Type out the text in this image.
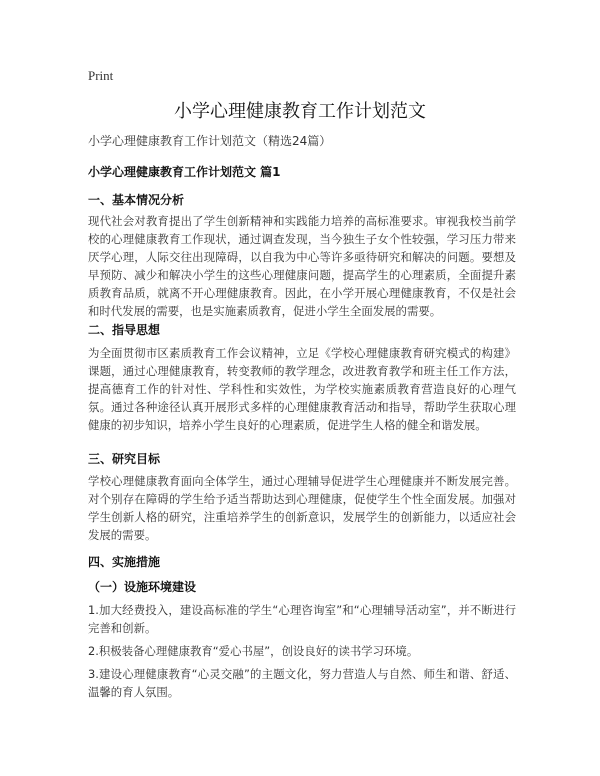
Print
小学心理健康教育工作计划范文
小学心理健康教育工作计划范文（精选24篇）
小学心理健康教育工作计划范文 篇1
一、基本情况分析
现代社会对教育提出了学生创新精神和实践能力培养的高标准要求。审视我校当前学校的心理健康教育工作现状，通过调查发现，当今独生子女个性较强，学习压力带来厌学心理，人际交往出现障碍，以自我为中心等许多亟待研究和解决的问题。要想及早预防、减少和解决小学生的这些心理健康问题，提高学生的心理素质，全面提升素质教育品质，就离不开心理健康教育。因此，在小学开展心理健康教育，不仅是社会和时代发展的需要，也是实施素质教育，促进小学生全面发展的需要。
二、指导思想
为全面贯彻市区素质教育工作会议精神，立足《学校心理健康教育研究模式的构建》课题，通过心理健康教育，转变教师的教学理念，改进教育教学和班主任工作方法，提高德育工作的针对性、学科性和实效性，为学校实施素质教育营造良好的心理气氛。通过各种途径认真开展形式多样的心理健康教育活动和指导，帮助学生获取心理健康的初步知识，培养小学生良好的心理素质，促进学生人格的健全和谐发展。
三、研究目标
学校心理健康教育面向全体学生，通过心理辅导促进学生心理健康并不断发展完善。对个别存在障碍的学生给予适当帮助达到心理健康，促使学生个性全面发展。加强对学生创新人格的研究，注重培养学生的创新意识，发展学生的创新能力，以适应社会发展的需要。
四、实施措施
（一）设施环境建设
1.加大经费投入，建设高标准的学生“心理咨询室”和“心理辅导活动室”，并不断进行完善和创新。
2.积极装备心理健康教育“爱心书屋”，创设良好的读书学习环境。
3.建设心理健康教育“心灵交融”的主题文化，努力营造人与自然、师生和谐、舒适、温馨的育人氛围。
